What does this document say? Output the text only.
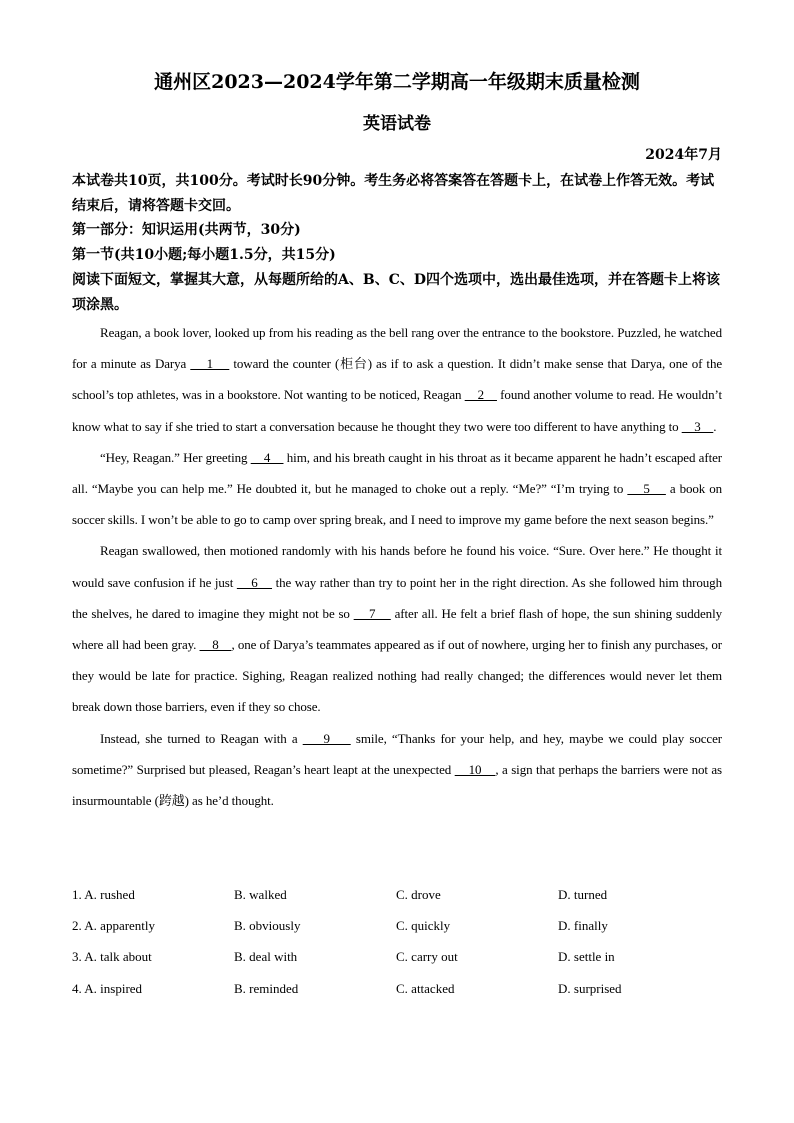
通州区2023—2024学年第二学期高一年级期末质量检测
英语试卷
2024年7月
本试卷共10页，共100分。考试时长90分钟。考生务必将答案答在答题卡上，在试卷上作答无效。考试结束后，请将答题卡交回。
第一部分：知识运用(共两节，30分)
第一节(共10小题;每小题1.5分，共15分)
阅读下面短文，掌握其大意，从每题所给的A、B、C、D四个选项中，选出最佳选项，并在答题卡上将该项涂黑。

Reagan, a book lover, looked up from his reading as the bell rang over the entrance to the bookstore. Puzzled, he watched for a minute as Darya     1     toward the counter (柜台) as if to ask a question. It didn’t make sense that Darya, one of the school’s top athletes, was in a bookstore. Not wanting to be noticed, Reagan     2     found another volume to read. He wouldn’t know what to say if she tried to start a conversation because he thought they two were too different to have anything to     3    .

“Hey, Reagan.” Her greeting     4     him, and his breath caught in his throat as it became apparent he hadn’t escaped after all. “Maybe you can help me.” He doubted it, but he managed to choke out a reply. “Me?” “I’m trying to     5     a book on soccer skills. I won’t be able to go to camp over spring break, and I need to improve my game before the next season begins.”

Reagan swallowed, then motioned randomly with his hands before he found his voice. “Sure. Over here.” He thought it would save confusion if he just     6     the way rather than try to point her in the right direction. As she followed him through the shelves, he dared to imagine they might not be so     7     after all. He felt a brief flash of hope, the sun shining suddenly where all had been gray.     8    , one of Darya’s teammates appeared as if out of nowhere, urging her to finish any purchases, or they would be late for practice. Sighing, Reagan realized nothing had really changed; the differences would never let them break down those barriers, even if they so chose.

Instead, she turned to Reagan with a     9     smile, “Thanks for your help, and hey, maybe we could play soccer sometime?” Surprised but pleased, Reagan’s heart leapt at the unexpected     10    , a sign that perhaps the barriers were not as insurmountable (跨越) as he’d thought.

1. A. rushed	B. walked	C. drove	D. turned
2. A. apparently	B. obviously	C. quickly	D. finally
3. A. talk about	B. deal with	C. carry out	D. settle in
4. A. inspired	B. reminded	C. attacked	D. surprised
